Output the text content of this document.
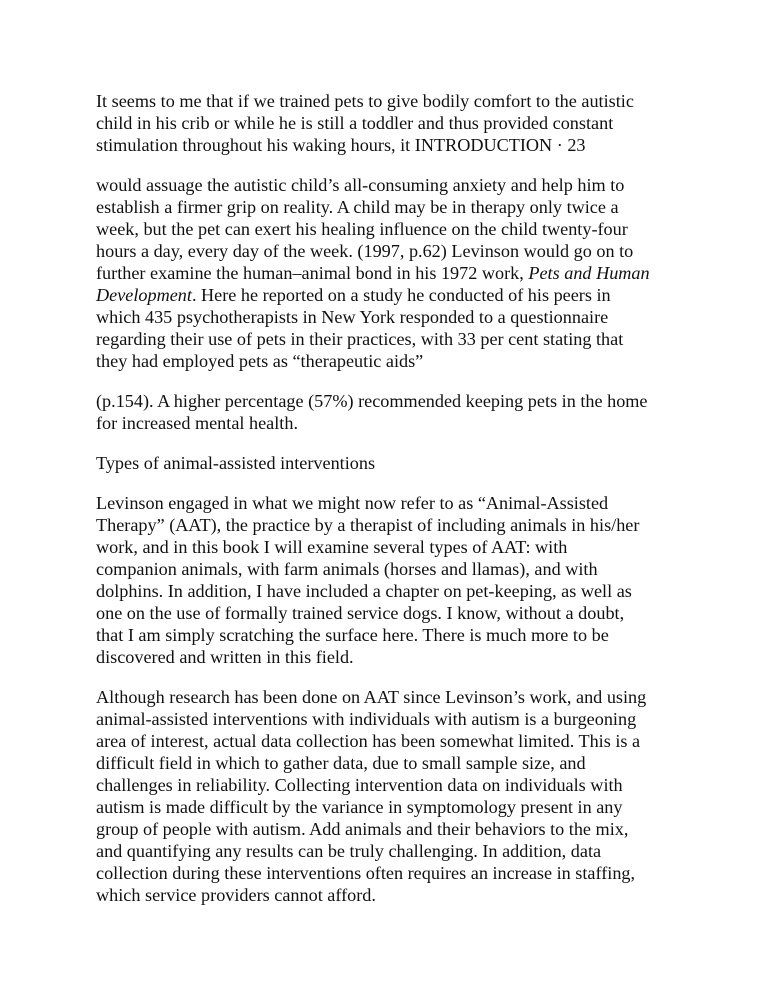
It seems to me that if we trained pets to give bodily comfort to the autistic
child in his crib or while he is still a toddler and thus provided constant
stimulation throughout his waking hours, it INTRODUCTION · 23

would assuage the autistic child’s all-consuming anxiety and help him to
establish a firmer grip on reality. A child may be in therapy only twice a
week, but the pet can exert his healing influence on the child twenty-four
hours a day, every day of the week. (1997, p.62) Levinson would go on to
further examine the human–animal bond in his 1972 work, Pets and Human
Development. Here he reported on a study he conducted of his peers in
which 435 psychotherapists in New York responded to a questionnaire
regarding their use of pets in their practices, with 33 per cent stating that
they had employed pets as “therapeutic aids”

(p.154). A higher percentage (57%) recommended keeping pets in the home
for increased mental health.

Types of animal-assisted interventions

Levinson engaged in what we might now refer to as “Animal-Assisted
Therapy” (AAT), the practice by a therapist of including animals in his/her
work, and in this book I will examine several types of AAT: with
companion animals, with farm animals (horses and llamas), and with
dolphins. In addition, I have included a chapter on pet-keeping, as well as
one on the use of formally trained service dogs. I know, without a doubt,
that I am simply scratching the surface here. There is much more to be
discovered and written in this field.

Although research has been done on AAT since Levinson’s work, and using
animal-assisted interventions with individuals with autism is a burgeoning
area of interest, actual data collection has been somewhat limited. This is a
difficult field in which to gather data, due to small sample size, and
challenges in reliability. Collecting intervention data on individuals with
autism is made difficult by the variance in symptomology present in any
group of people with autism. Add animals and their behaviors to the mix,
and quantifying any results can be truly challenging. In addition, data
collection during these interventions often requires an increase in staffing,
which service providers cannot afford.
